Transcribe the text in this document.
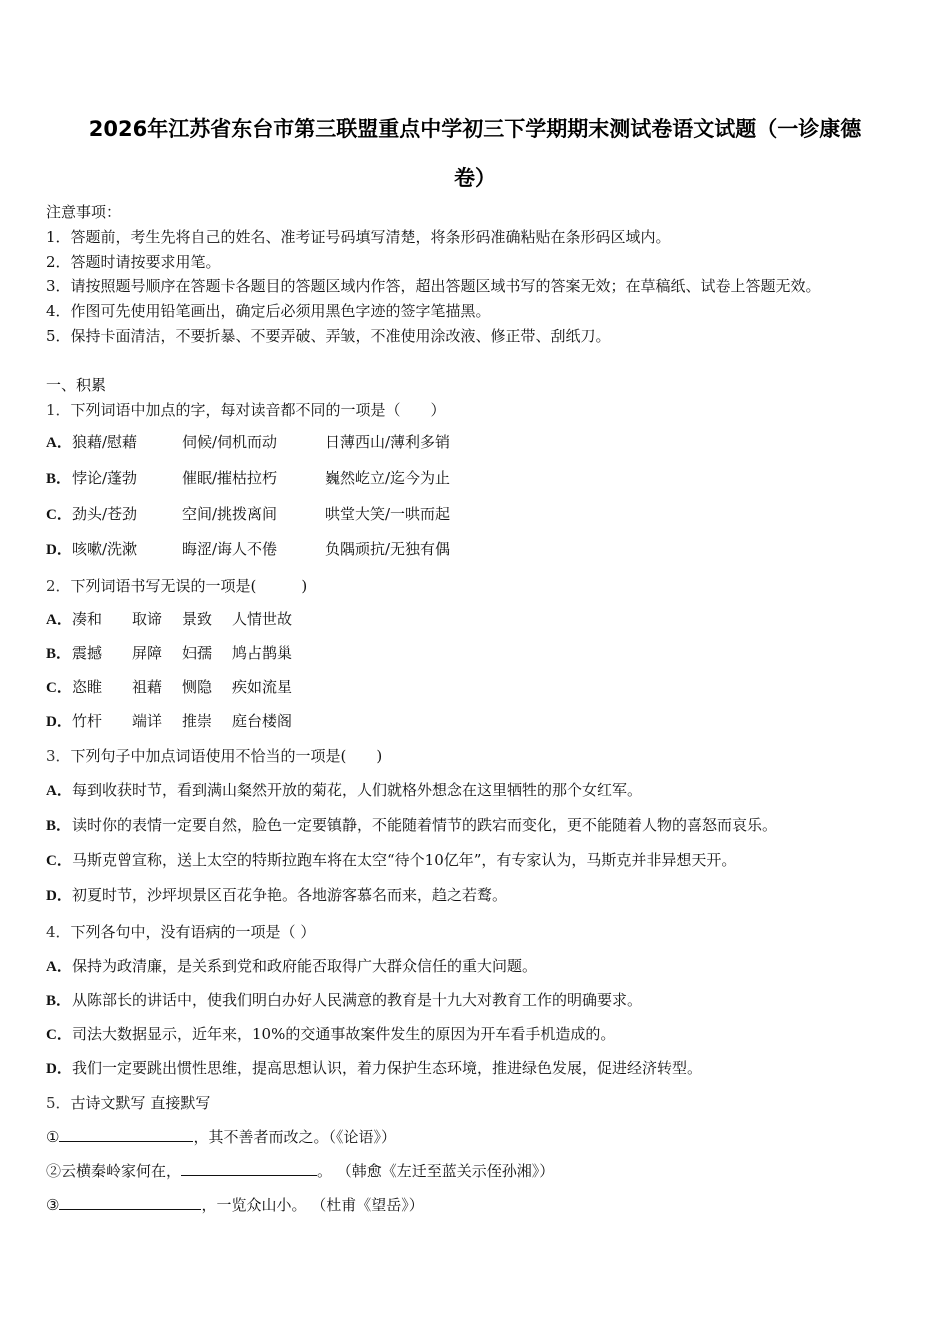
2026年江苏省东台市第三联盟重点中学初三下学期期末测试卷语文试题（一诊康德
卷）
注意事项：
1．答题前，考生先将自己的姓名、准考证号码填写清楚，将条形码准确粘贴在条形码区域内。
2．答题时请按要求用笔。
3．请按照题号顺序在答题卡各题目的答题区域内作答，超出答题区域书写的答案无效；在草稿纸、试卷上答题无效。
4．作图可先使用铅笔画出，确定后必须用黑色字迹的签字笔描黑。
5．保持卡面清洁，不要折暴、不要弄破、弄皱，不准使用涂改液、修正带、刮纸刀。
一、积累
1．下列词语中加点的字，每对读音都不同的一项是（　　）
A．狼藉/慰藉	伺候/伺机而动	日薄西山/薄利多销
B．悖论/蓬勃	催眠/摧枯拉朽	巍然屹立/迄今为止
C．劲头/苍劲	空间/挑拨离间	哄堂大笑/一哄而起
D．咳嗽/洗漱	晦涩/诲人不倦	负隅顽抗/无独有偶
2．下列词语书写无误的一项是(　　　)
A．凑和 取谛 景致 人情世故
B．震撼 屏障 妇孺 鸠占鹊巢
C．恣睢 祖藉 恻隐 疾如流星
D．竹杆 端详 推崇 庭台楼阁
3．下列句子中加点词语使用不恰当的一项是(　　)
A．每到收获时节，看到满山粲然开放的菊花，人们就格外想念在这里牺牲的那个女红军。
B．读时你的表情一定要自然，脸色一定要镇静，不能随着情节的跌宕而变化，更不能随着人物的喜怒而哀乐。
C．马斯克曾宣称，送上太空的特斯拉跑车将在太空“待个10亿年”，有专家认为，马斯克并非异想天开。
D．初夏时节，沙坪坝景区百花争艳。各地游客慕名而来，趋之若鹜。
4．下列各句中，没有语病的一项是（ ）
A．保持为政清廉，是关系到党和政府能否取得广大群众信任的重大问题。
B．从陈部长的讲话中，使我们明白办好人民满意的教育是十九大对教育工作的明确要求。
C．司法大数据显示，近年来，10%的交通事故案件发生的原因为开车看手机造成的。
D．我们一定要跳出惯性思维，提高思想认识，着力保护生态环境，推进绿色发展，促进经济转型。
5．古诗文默写 直接默写
①	，其不善者而改之。（《论语》）
②云横秦岭家何在，	。 （韩愈《左迁至蓝关示侄孙湘》）
③	，一览众山小。 （杜甫《望岳》）
